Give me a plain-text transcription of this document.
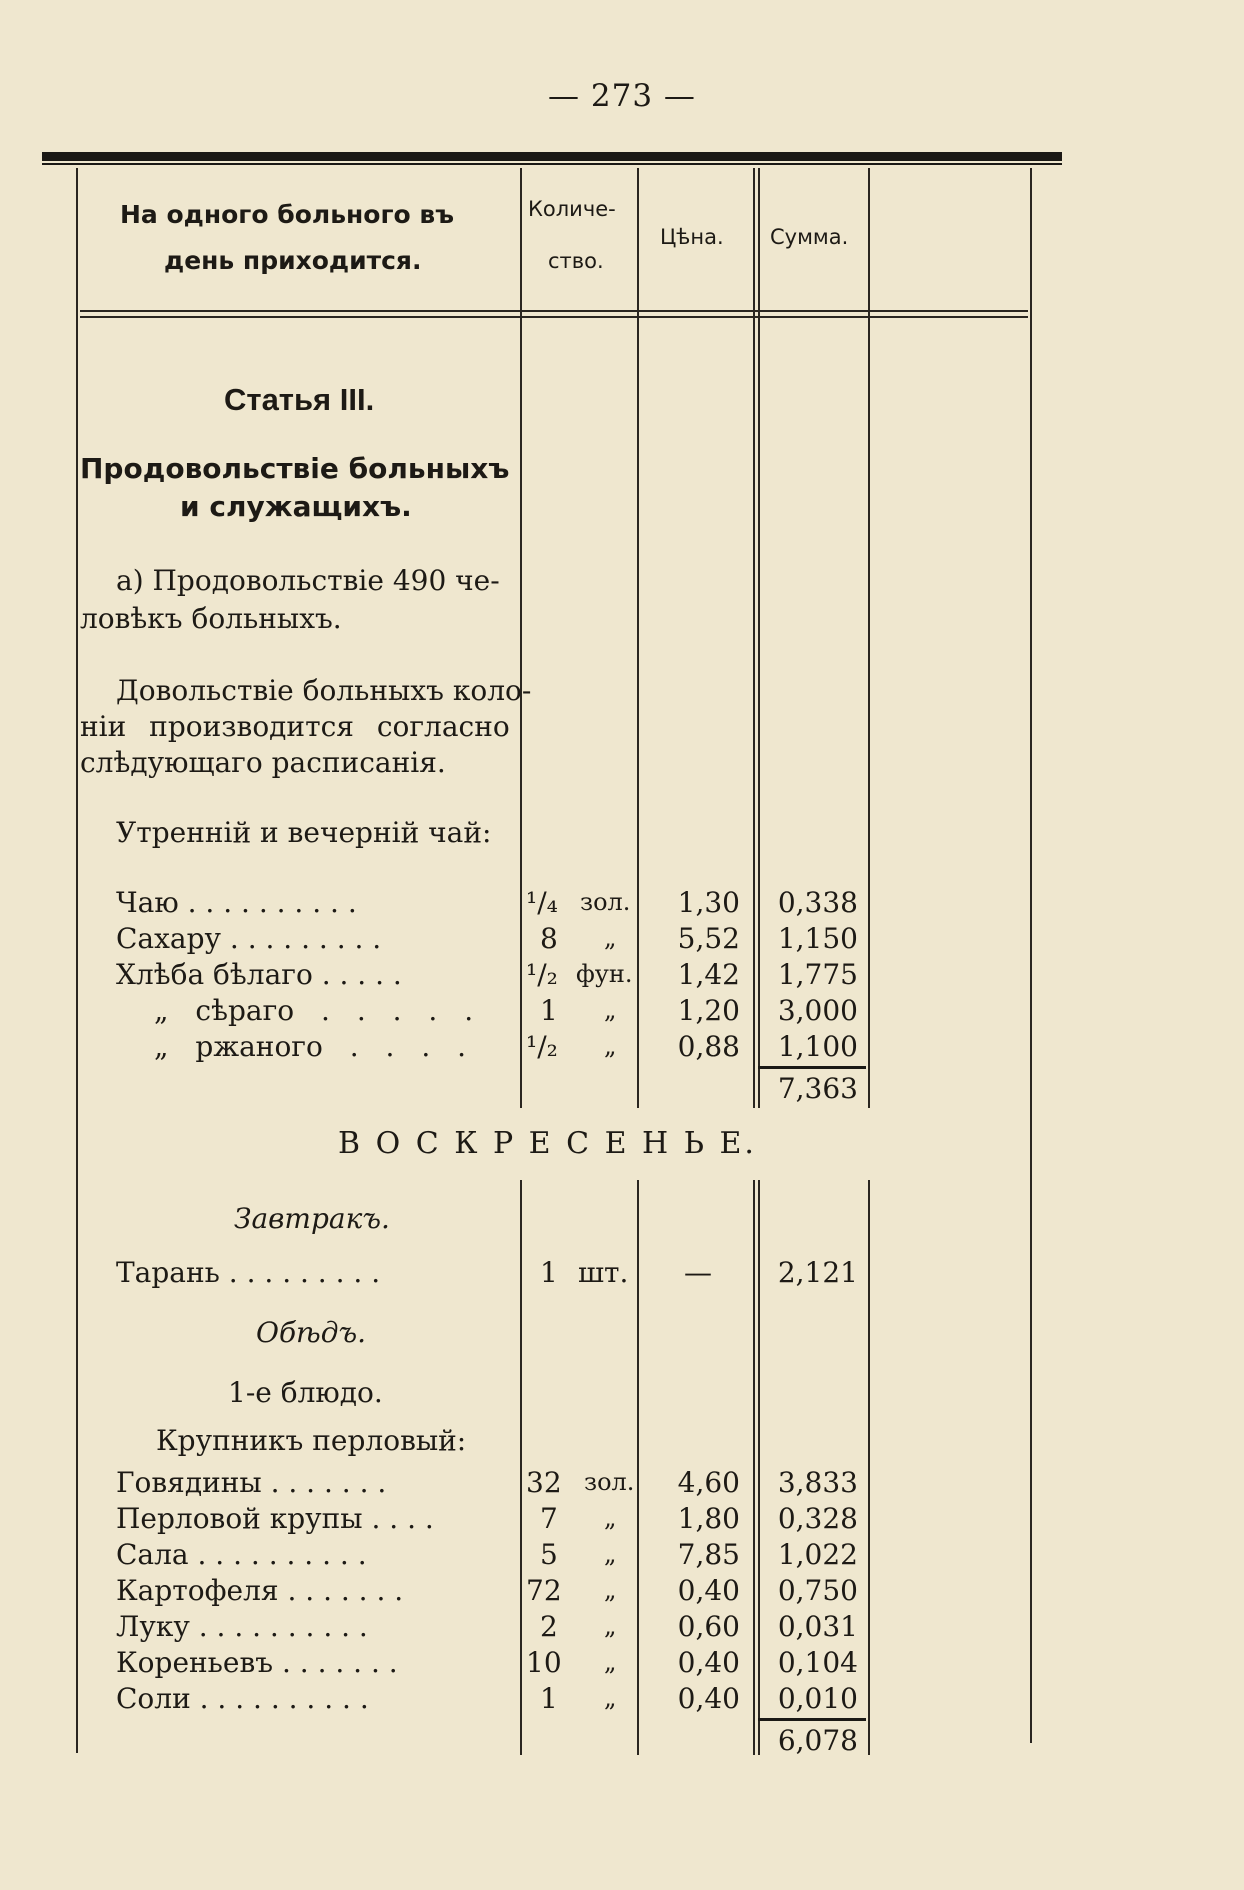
— 273 —
На одного больного въ
день приходится.
Количе-
ство.
Цѣна. Сумма.
Статья III.
Продовольствіе больныхъ
и служащихъ.
а) Продовольствіе 490 че-
ловѣкъ больныхъ.
Довольствіе больныхъ коло-
ніи производится согласно
слѣдующаго расписанія.
Утренній и вечерній чай:
Чаю . . . . . . . . . .	¹/₄ зол.	1,30	0,338
Сахару . . . . . . . . .	8 „	5,52	1,150
Хлѣба бѣлаго . . . . .	¹/₂ фун.	1,42	1,775
„ сѣраго . . . . . 1 „	1,20	3,000
„ ржаного . . . . ¹/₂ „	0,88	1,100
7,363
В О С К Р Е С Е Н Ь Е.
Завтракъ.
Тарань . . . . . . . . .	1 шт.	—	2,121
Обѣдъ.
1-е блюдо.
Крупникъ перловый:
Говядины . . . . . . .	32 зол.	4,60	3,833
Перловой крупы . . . .	7 „	1,80	0,328
Сала . . . . . . . . . .	5 „	7,85	1,022
Картофеля . . . . . . .	72 „	0,40	0,750
Луку . . . . . . . . . .	2 „	0,60	0,031
Кореньевъ . . . . . . .	10 „	0,40	0,104
Соли . . . . . . . . . .	1 „	0,40	0,010
6,078
